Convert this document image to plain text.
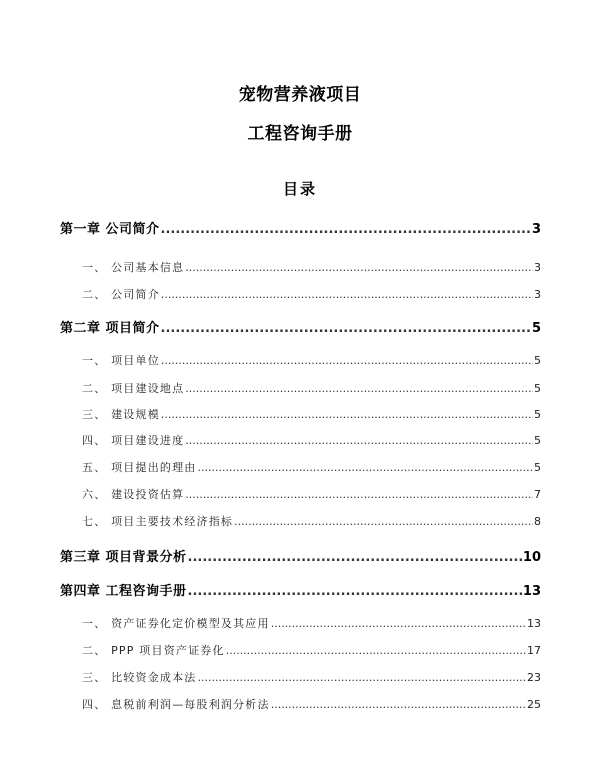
宠物营养液项目
工程咨询手册
目录
第一章 公司简介 .....	3
一、 公司基本信息 .....	3
二、 公司简介 .....	3
第二章 项目简介 .....	5
一、 项目单位 .....	5
二、 项目建设地点 .....	5
三、 建设规模 .....	5
四、 项目建设进度 .....	5
五、 项目提出的理由 .....	5
六、 建设投资估算 .....	7
七、 项目主要技术经济指标 .....	8
第三章 项目背景分析 .....	10
第四章 工程咨询手册 .....	13
一、 资产证券化定价模型及其应用 .....	13
二、 PPP 项目资产证券化 .....	17
三、 比较资金成本法 .....	23
四、 息税前利润—每股利润分析法 .....	25
